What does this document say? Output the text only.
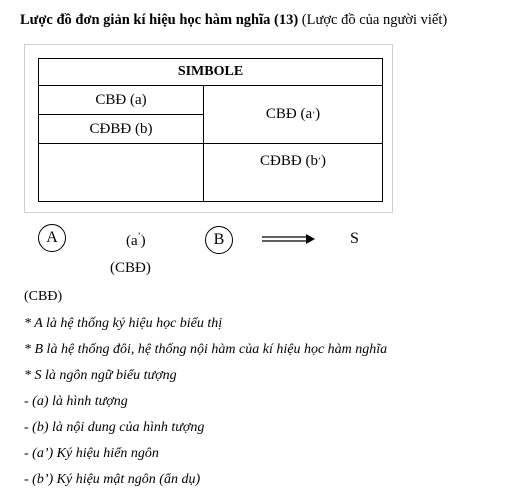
Lược đồ đơn giản kí hiệu học hàm nghĩa (13) (Lược đồ của người viết)
SIMBOLE
CBĐ (a)
CĐBĐ (b)
CBĐ (a ’ )
CĐBĐ (b ’ )
A	(a’)
(CBĐ)
B	S
(CBĐ)
* A là hệ thống ký hiệu học biểu thị
* B là hệ thống đôi, hệ thống nội hàm của kí hiệu học hàm nghĩa
* S là ngôn ngữ biểu tượng
- (a) là hình tượng
- (b) là nội dung của hình tượng
- (a’) Ký hiệu hiển ngôn
- (b’) Ký hiệu mật ngôn (ẩn dụ)
